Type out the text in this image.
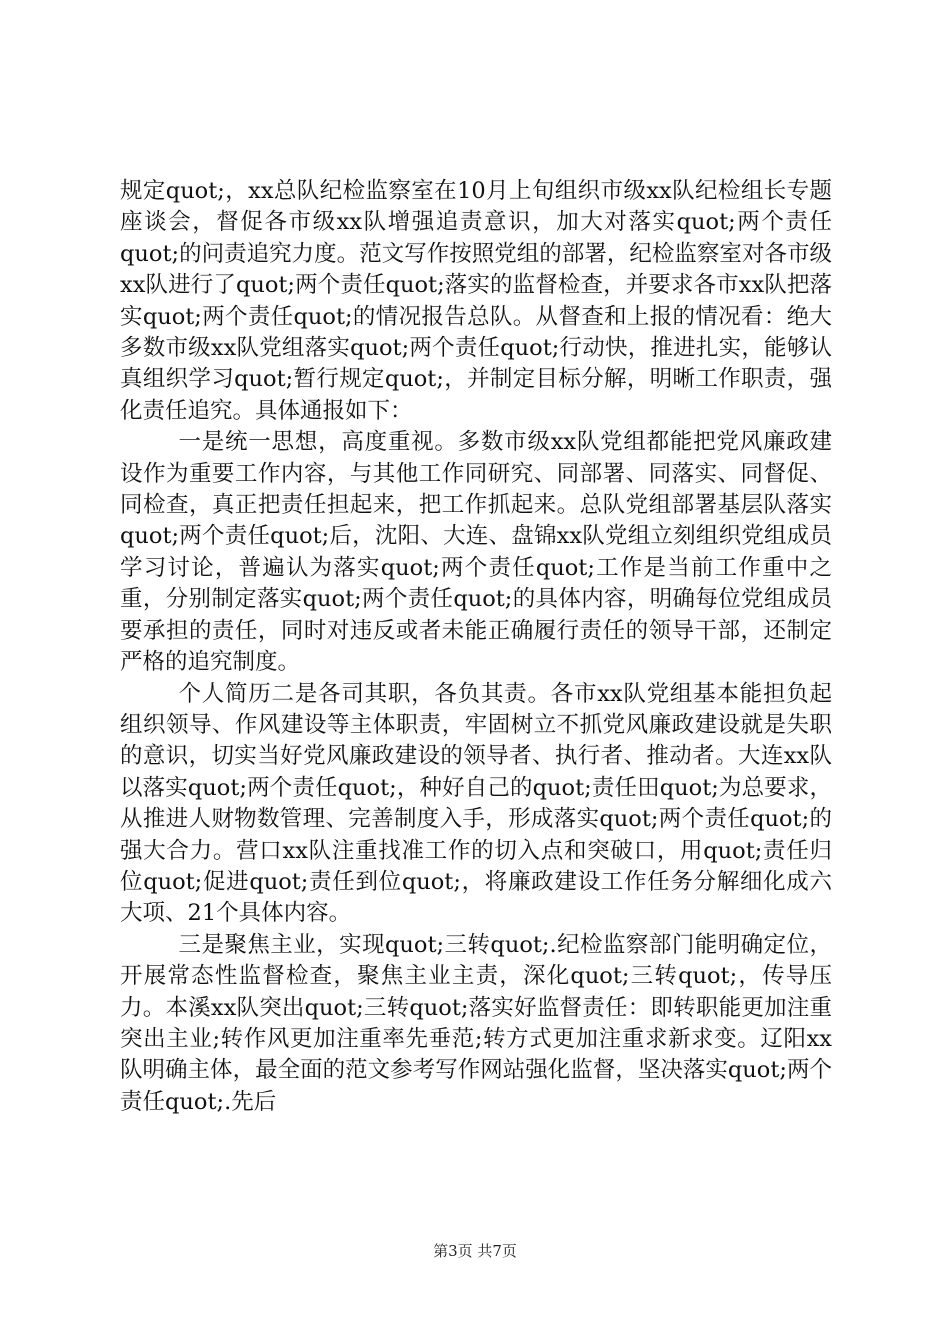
规定quot;，xx总队纪检监察室在10月上旬组织市级xx队纪检组长专题座谈会，督促各市级xx队增强追责意识，加大对落实quot;两个责任quot;的问责追究力度。范文写作按照党组的部署，纪检监察室对各市级xx队进行了quot;两个责任quot;落实的监督检查，并要求各市xx队把落实quot;两个责任quot;的情况报告总队。从督查和上报的情况看：绝大多数市级xx队党组落实quot;两个责任quot;行动快，推进扎实，能够认真组织学习quot;暂行规定quot;，并制定目标分解，明晰工作职责，强化责任追究。具体通报如下：

一是统一思想，高度重视。多数市级xx队党组都能把党风廉政建设作为重要工作内容，与其他工作同研究、同部署、同落实、同督促、同检查，真正把责任担起来，把工作抓起来。总队党组部署基层队落实quot;两个责任quot;后，沈阳、大连、盘锦xx队党组立刻组织党组成员学习讨论，普遍认为落实quot;两个责任quot;工作是当前工作重中之重，分别制定落实quot;两个责任quot;的具体内容，明确每位党组成员要承担的责任，同时对违反或者未能正确履行责任的领导干部，还制定严格的追究制度。

个人简历二是各司其职，各负其责。各市xx队党组基本能担负起组织领导、作风建设等主体职责，牢固树立不抓党风廉政建设就是失职的意识，切实当好党风廉政建设的领导者、执行者、推动者。大连xx队以落实quot;两个责任quot;，种好自己的quot;责任田quot;为总要求，从推进人财物数管理、完善制度入手，形成落实quot;两个责任quot;的强大合力。营口xx队注重找准工作的切入点和突破口，用quot;责任归位quot;促进quot;责任到位quot;，将廉政建设工作任务分解细化成六大项、21个具体内容。

三是聚焦主业，实现quot;三转quot;.纪检监察部门能明确定位，开展常态性监督检查，聚焦主业主责，深化quot;三转quot;，传导压力。本溪xx队突出quot;三转quot;落实好监督责任：即转职能更加注重突出主业;转作风更加注重率先垂范;转方式更加注重求新求变。辽阳xx队明确主体，最全面的范文参考写作网站强化监督，坚决落实quot;两个责任quot;.先后

第3页 共7页
